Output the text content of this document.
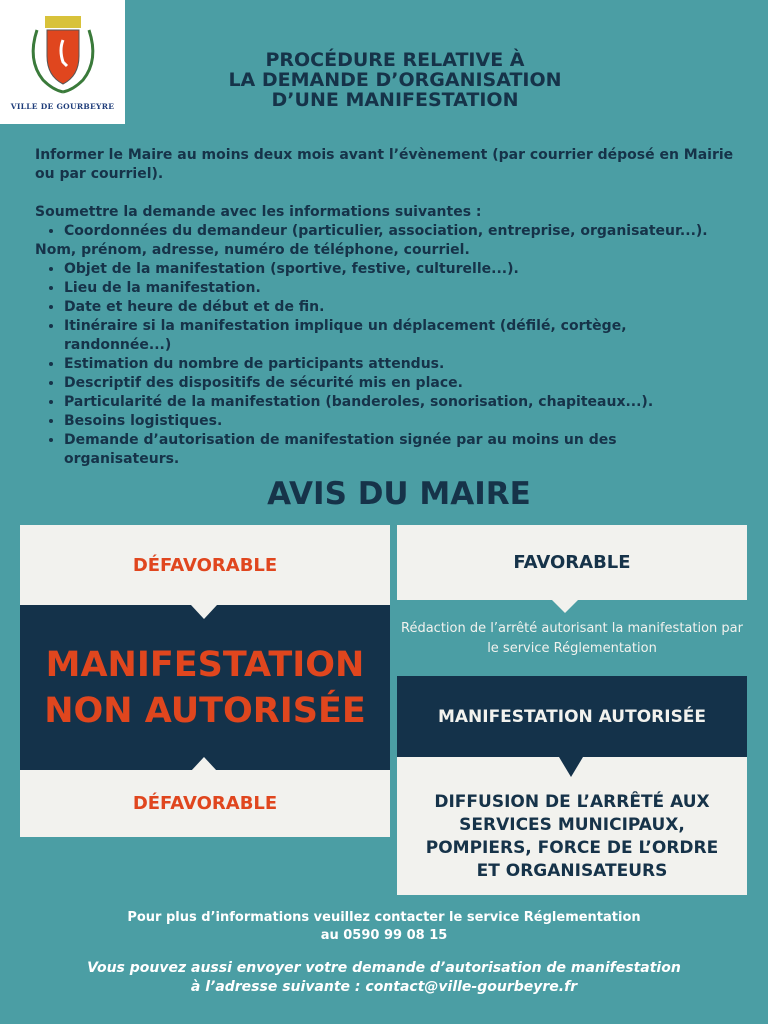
VILLE DE GOURBEYRE
PROCÉDURE RELATIVE À
LA DEMANDE D’ORGANISATION
D’UNE MANIFESTATION

Informer le Maire au moins deux mois avant l’évènement (par courrier déposé en Mairie ou par courriel).

Soumettre la demande avec les informations suivantes :

• Coordonnées du demandeur (particulier, association, entreprise, organisateur...).

Nom, prénom, adresse, numéro de téléphone, courriel.

• Objet de la manifestation (sportive, festive, culturelle...).
• Lieu de la manifestation.
• Date et heure de début et de fin.
• Itinéraire si la manifestation implique un déplacement (défilé, cortège, randonnée...)
• Estimation du nombre de participants attendus.
• Descriptif des dispositifs de sécurité mis en place.
• Particularité de la manifestation (banderoles, sonorisation, chapiteaux...).
• Besoins logistiques.
• Demande d’autorisation de manifestation signée par au moins un des organisateurs.
AVIS DU MAIRE
DÉFAVORABLE
MANIFESTATION
NON AUTORISÉE
DÉFAVORABLE
FAVORABLE
Rédaction de l’arrêté autorisant la manifestation par le service Réglementation
MANIFESTATION AUTORISÉE
DIFFUSION DE L’ARRÊTÉ AUX SERVICES MUNICIPAUX, POMPIERS, FORCE DE L’ORDRE ET ORGANISATEURS
Pour plus d’informations veuillez contacter le service Réglementation
au 0590 99 08 15
Vous pouvez aussi envoyer votre demande d’autorisation de manifestation
à l’adresse suivante : contact@ville-gourbeyre.fr
